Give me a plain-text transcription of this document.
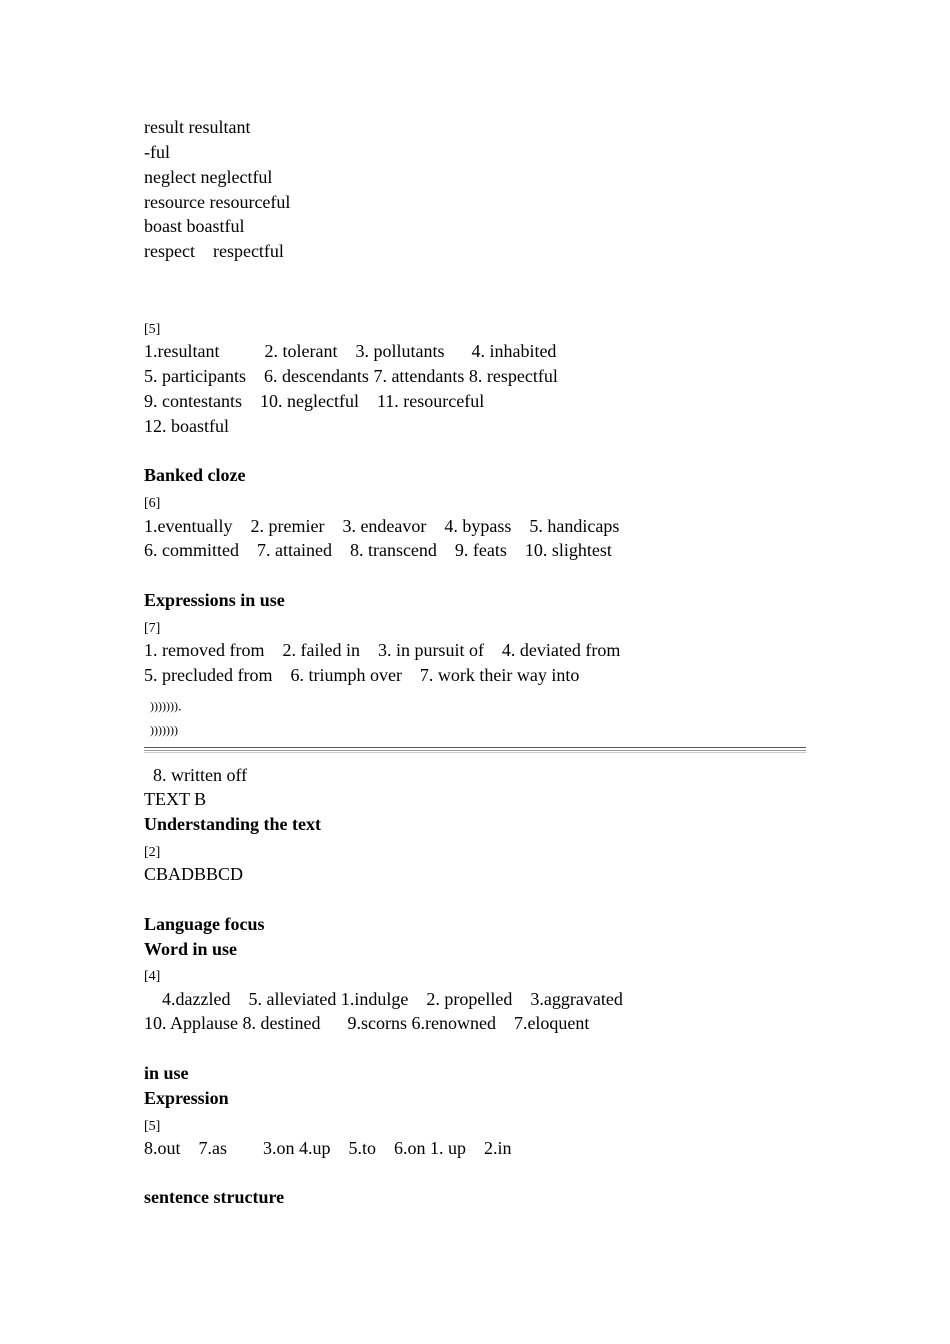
result resultant
-ful
neglect neglectful
resource resourceful
boast boastful
respect    respectful
[5]
1.resultant          2. tolerant    3. pollutants      4. inhabited
5. participants    6. descendants 7. attendants 8. respectful
9. contestants    10. neglectful    11. resourceful
12. boastful
Banked cloze
[6]
1.eventually    2. premier    3. endeavor    4. bypass    5. handicaps
6. committed    7. attained    8. transcend    9. feats    10. slightest
Expressions in use
[7]
1. removed from    2. failed in    3. in pursuit of    4. deviated from
5. precluded from    6. triumph over    7. work their way into
)))))))．
)))))))
8. written off
TEXT B
Understanding the text
[2]
CBADBBCD
Language focus
Word in use
[4]
4.dazzled    5. alleviated 1.indulge    2. propelled    3.aggravated
10. Applause 8. destined      9.scorns 6.renowned    7.eloquent
in use
Expression
[5]
8.out    7.as        3.on 4.up    5.to    6.on 1. up    2.in
sentence structure
